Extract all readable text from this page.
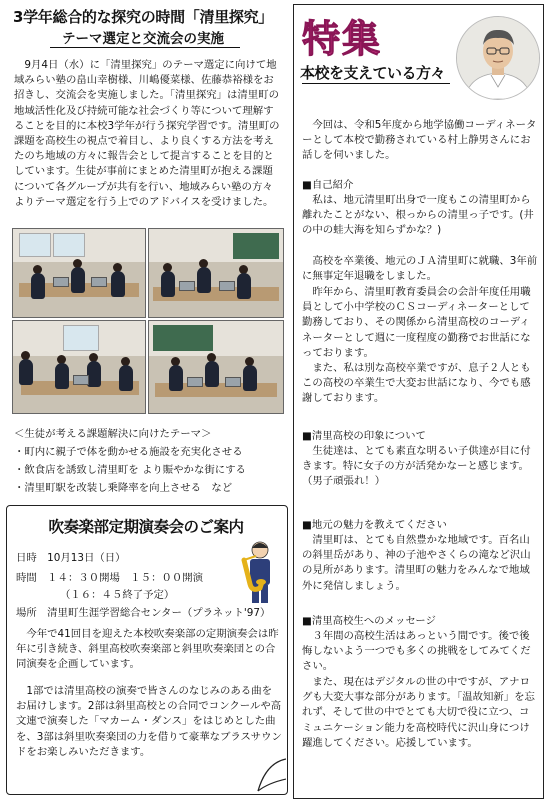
3学年総合的な探究の時間「清里探究」
テーマ選定と交流会の実施

9月4日（水）に「清里探究」のテーマ選定に向けて地域みらい塾の畠山幸樹様、川嶋優菜様、佐藤恭裕様をお招きし、交流会を実施しました。「清里探究」は清里町の地域活性化及び持続可能な社会づくり等について理解することを目的に本校3学年が行う探究学習です。清里町の課題を高校生の視点で着目し、より良くする方法を考えたのち地域の方々に報告会として提言することを目的としています。生徒が事前にまとめた清里町が抱える課題について各グループが共有を行い、地域みらい塾の方々よりテーマ選定を行う上でのアドバイスを受けました。

＜生徒が考える課題解決に向けたテーマ＞
・町内に親子で体を動かせる施設を充実化させる
・飲食店を誘致し清里町を より賑やかな街にする
・清里町駅を改装し乗降率を向上させる　など
吹奏楽部定期演奏会のご案内
日時　10月13日（日）
時間　１４：３０開場　１５：００開演
（１６：４５終了予定）
場所　清里町生涯学習総合センター（プラネット'97）

今年で41回目を迎えた本校吹奏楽部の定期演奏会は昨年に引き続き、斜里高校吹奏楽部と斜里吹奏楽団との合同演奏を企画しています。

1部では清里高校の演奏で皆さんのなじみのある曲をお届けします。2部は斜里高校との合同でコンクールや高文連で演奏した「マカーム・ダンス」をはじめとした曲を、3部は斜里吹奏楽団の力を借りて豪華なブラスサウンドをお楽しみいただきます。

特集
本校を支えている方々

今回は、令和5年度から地学協働コーディネーターとして本校で勤務されている村上静男さんにお話しを伺いました。

■自己紹介

私は、地元清里町出身で一度もこの清里町から離れたことがない、根っからの清里っ子です。(井の中の蛙大海を知らずかな？)

高校を卒業後、地元のＪＡ清里町に就職、3年前に無事定年退職をしました。

昨年から、清里町教育委員会の会計年度任用職員として小中学校のＣＳコーディネーターとして勤務しており、その関係から清里高校のコーディネーターとして週に一度程度の勤務でお世話になっております。

また、私は別な高校卒業ですが、息子２人ともこの高校の卒業生で大変お世話になり、今でも感謝しております。

■清里高校の印象について

生徒達は、とても素直な明るい子供達が目に付きます。特に女子の方が活発かなーと感じます。（男子頑張れ！）

■地元の魅力を教えてください

清里町は、とても自然豊かな地域です。百名山の斜里岳があり、神の子池やさくらの滝など沢山の見所があります。清里町の魅力をみんなで地域外に発信しましょう。

■清里高校生へのメッセージ

３年間の高校生活はあっという間です。後で後悔しないよう一つでも多くの挑戦をしてみてください。

また、現在はデジタルの世の中ですが、アナログも大変大事な部分があります。「温故知新」を忘れず、そして世の中でとても大切で役に立つ、コミュニケーション能力を高校時代に沢山身につけ躍進してください。応援しています。
